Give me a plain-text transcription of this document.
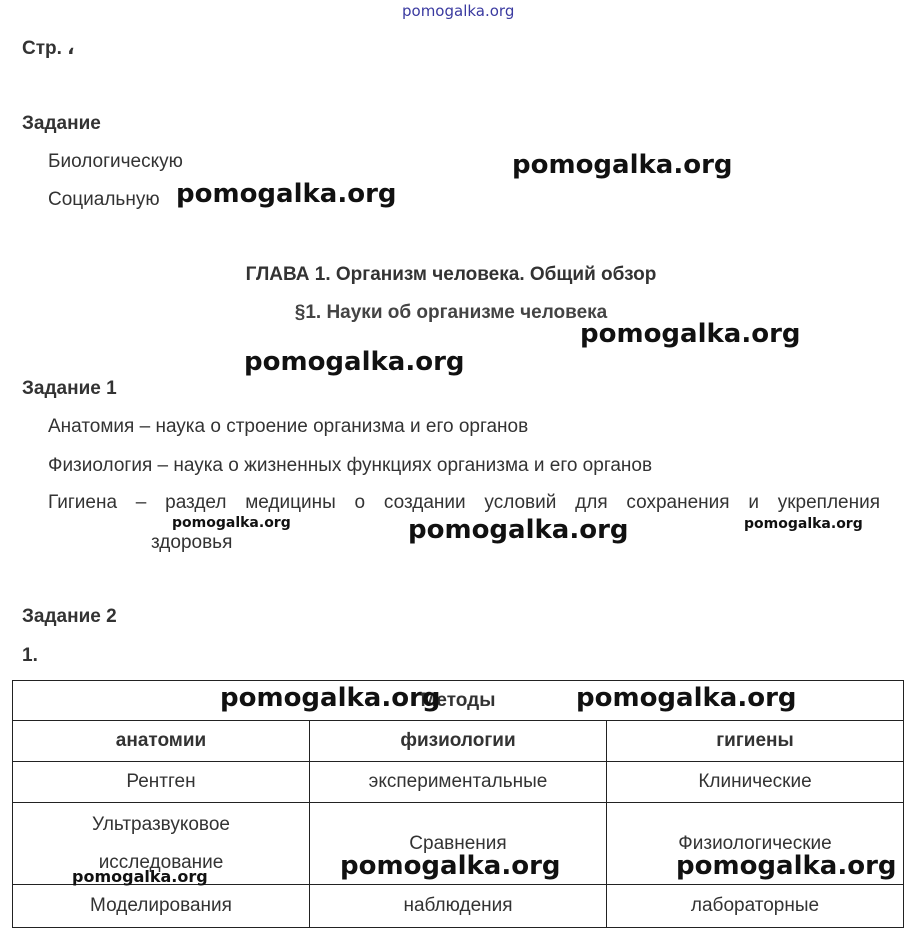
pomogalka.org
Стр. ،
Задание
Биологическую
Социальную
ГЛАВА 1. Организм человека. Общий обзор
§1. Науки об организме человека
Задание 1
Анатомия – наука о строение организма и его органов
Физиология – наука о жизненных функциях организма и его органов
Гигиена – раздел медицины о создании условий для сохранения и укрепления
здоровья
Задание 2
1.
Методы		
анатомии	физиологии	гигиены
Рентген	экспериментальные	Клинические

Ультразвуковое
исследование	Сравнения	Физиологические
Моделирования	наблюдения	лабораторные
pomogalka.org
pomogalka.org
pomogalka.org
pomogalka.org
pomogalka.org	pomogalka.org	pomogalka.org
pomogalka.org	pomogalka.org
pomogalka.org	pomogalka.org
pomogalka.org
